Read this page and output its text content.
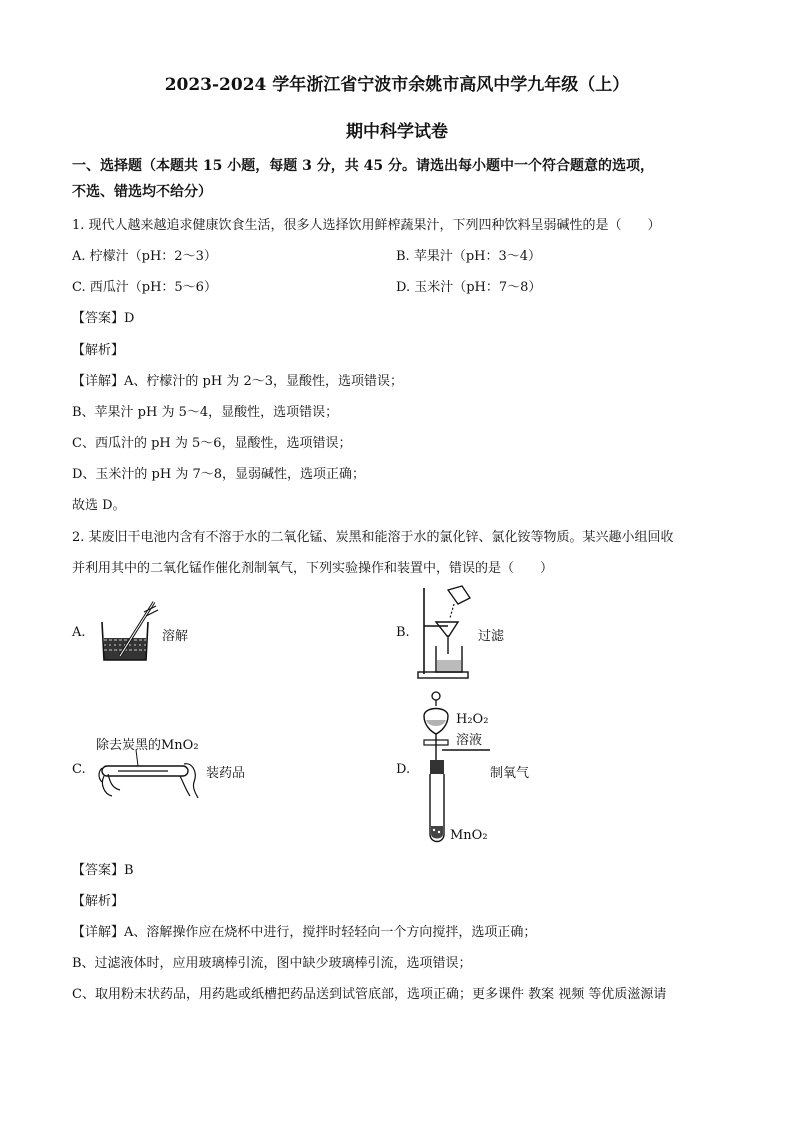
2023-2024 学年浙江省宁波市余姚市高风中学九年级（上）
期中科学试卷
一、选择题（本题共 15 小题，每题 3 分，共 45 分。请选出每小题中一个符合题意的选项，
不选、错选均不给分）
1. 现代人越来越追求健康饮食生活，很多人选择饮用鲜榨蔬果汁，下列四种饮料呈弱碱性的是（　　）
A. 柠檬汁（pH：2～3）	B. 苹果汁（pH：3～4）
C. 西瓜汁（pH：5～6）	D. 玉米汁（pH：7～8）
【答案】D
【解析】
【详解】A、柠檬汁的 pH 为 2～3，显酸性，选项错误；
B、苹果汁 pH 为 5～4，显酸性，选项错误；
C、西瓜汁的 pH 为 5～6，显酸性，选项错误；
D、玉米汁的 pH 为 7～8，显弱碱性，选项正确；
故选 D。
2. 某废旧干电池内含有不溶于水的二氧化锰、炭黑和能溶于水的氯化锌、氯化铵等物质。某兴趣小组回收
并利用其中的二氧化锰作催化剂制氧气，下列实验操作和装置中，错误的是（　　）
A.	溶解	B.	过滤
除去炭黑的MnO₂
C.	装药品	D.
H₂O₂
溶液
MnO₂
制氧气
【答案】B
【解析】
【详解】A、溶解操作应在烧杯中进行，搅拌时轻轻向一个方向搅拌，选项正确；
B、过滤液体时，应用玻璃棒引流，图中缺少玻璃棒引流，选项错误；
C、取用粉末状药品，用药匙或纸槽把药品送到试管底部，选项正确；更多课件 教案 视频 等优质滋源请
